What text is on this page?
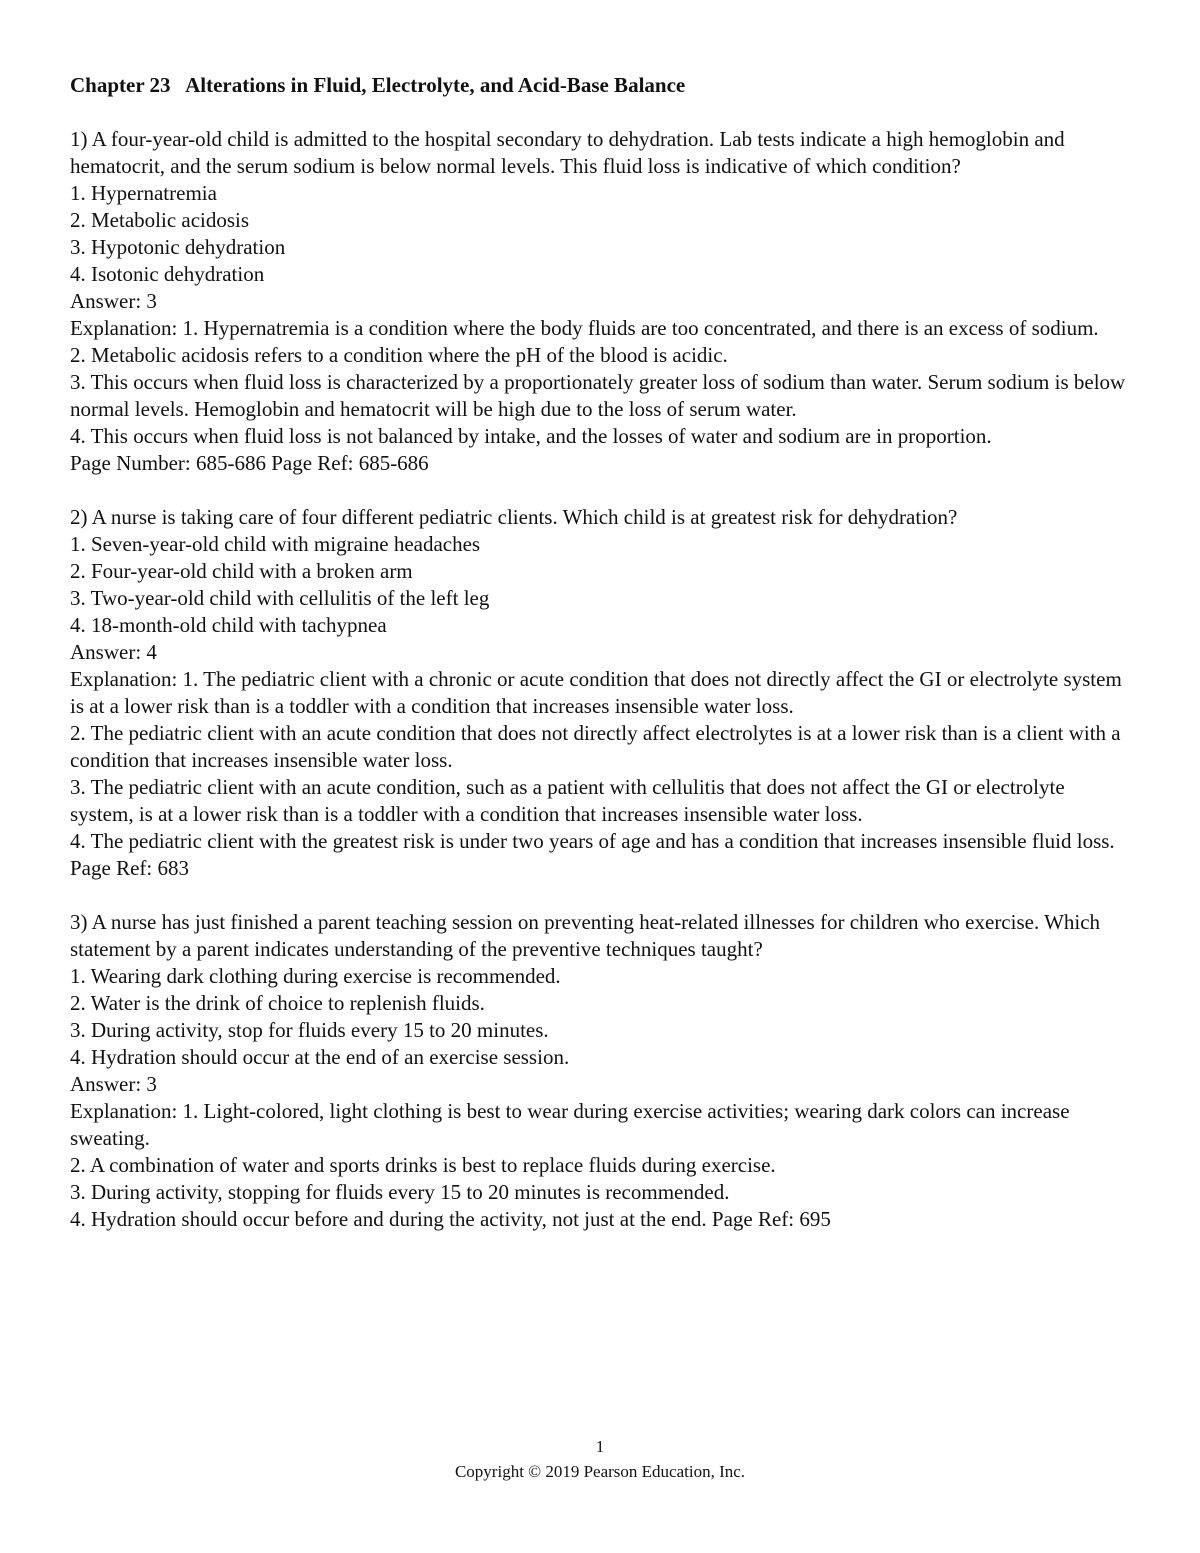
Chapter 23   Alterations in Fluid, Electrolyte, and Acid-Base Balance

1) A four-year-old child is admitted to the hospital secondary to dehydration. Lab tests indicate a high hemoglobin and hematocrit, and the serum sodium is below normal levels. This fluid loss is indicative of which condition?

1. Hypernatremia

2. Metabolic acidosis

3. Hypotonic dehydration

4. Isotonic dehydration

Answer: 3

Explanation: 1. Hypernatremia is a condition where the body fluids are too concentrated, and there is an excess of sodium.

2. Metabolic acidosis refers to a condition where the pH of the blood is acidic.

3. This occurs when fluid loss is characterized by a proportionately greater loss of sodium than water. Serum sodium is below normal levels. Hemoglobin and hematocrit will be high due to the loss of serum water.

4. This occurs when fluid loss is not balanced by intake, and the losses of water and sodium are in proportion.

Page Number: 685-686 Page Ref: 685-686

2) A nurse is taking care of four different pediatric clients. Which child is at greatest risk for dehydration?

1. Seven-year-old child with migraine headaches

2. Four-year-old child with a broken arm

3. Two-year-old child with cellulitis of the left leg

4. 18-month-old child with tachypnea

Answer: 4

Explanation: 1. The pediatric client with a chronic or acute condition that does not directly affect the GI or electrolyte system is at a lower risk than is a toddler with a condition that increases insensible water loss.

2. The pediatric client with an acute condition that does not directly affect electrolytes is at a lower risk than is a client with a condition that increases insensible water loss.

3. The pediatric client with an acute condition, such as a patient with cellulitis that does not affect the GI or electrolyte system, is at a lower risk than is a toddler with a condition that increases insensible water loss.

4. The pediatric client with the greatest risk is under two years of age and has a condition that increases insensible fluid loss. Page Ref: 683

3) A nurse has just finished a parent teaching session on preventing heat-related illnesses for children who exercise. Which statement by a parent indicates understanding of the preventive techniques taught?

1. Wearing dark clothing during exercise is recommended.

2. Water is the drink of choice to replenish fluids.

3. During activity, stop for fluids every 15 to 20 minutes.

4. Hydration should occur at the end of an exercise session.

Answer: 3

Explanation: 1. Light-colored, light clothing is best to wear during exercise activities; wearing dark colors can increase sweating.

2. A combination of water and sports drinks is best to replace fluids during exercise.

3. During activity, stopping for fluids every 15 to 20 minutes is recommended.

4. Hydration should occur before and during the activity, not just at the end. Page Ref: 695

1
Copyright © 2019 Pearson Education, Inc.
